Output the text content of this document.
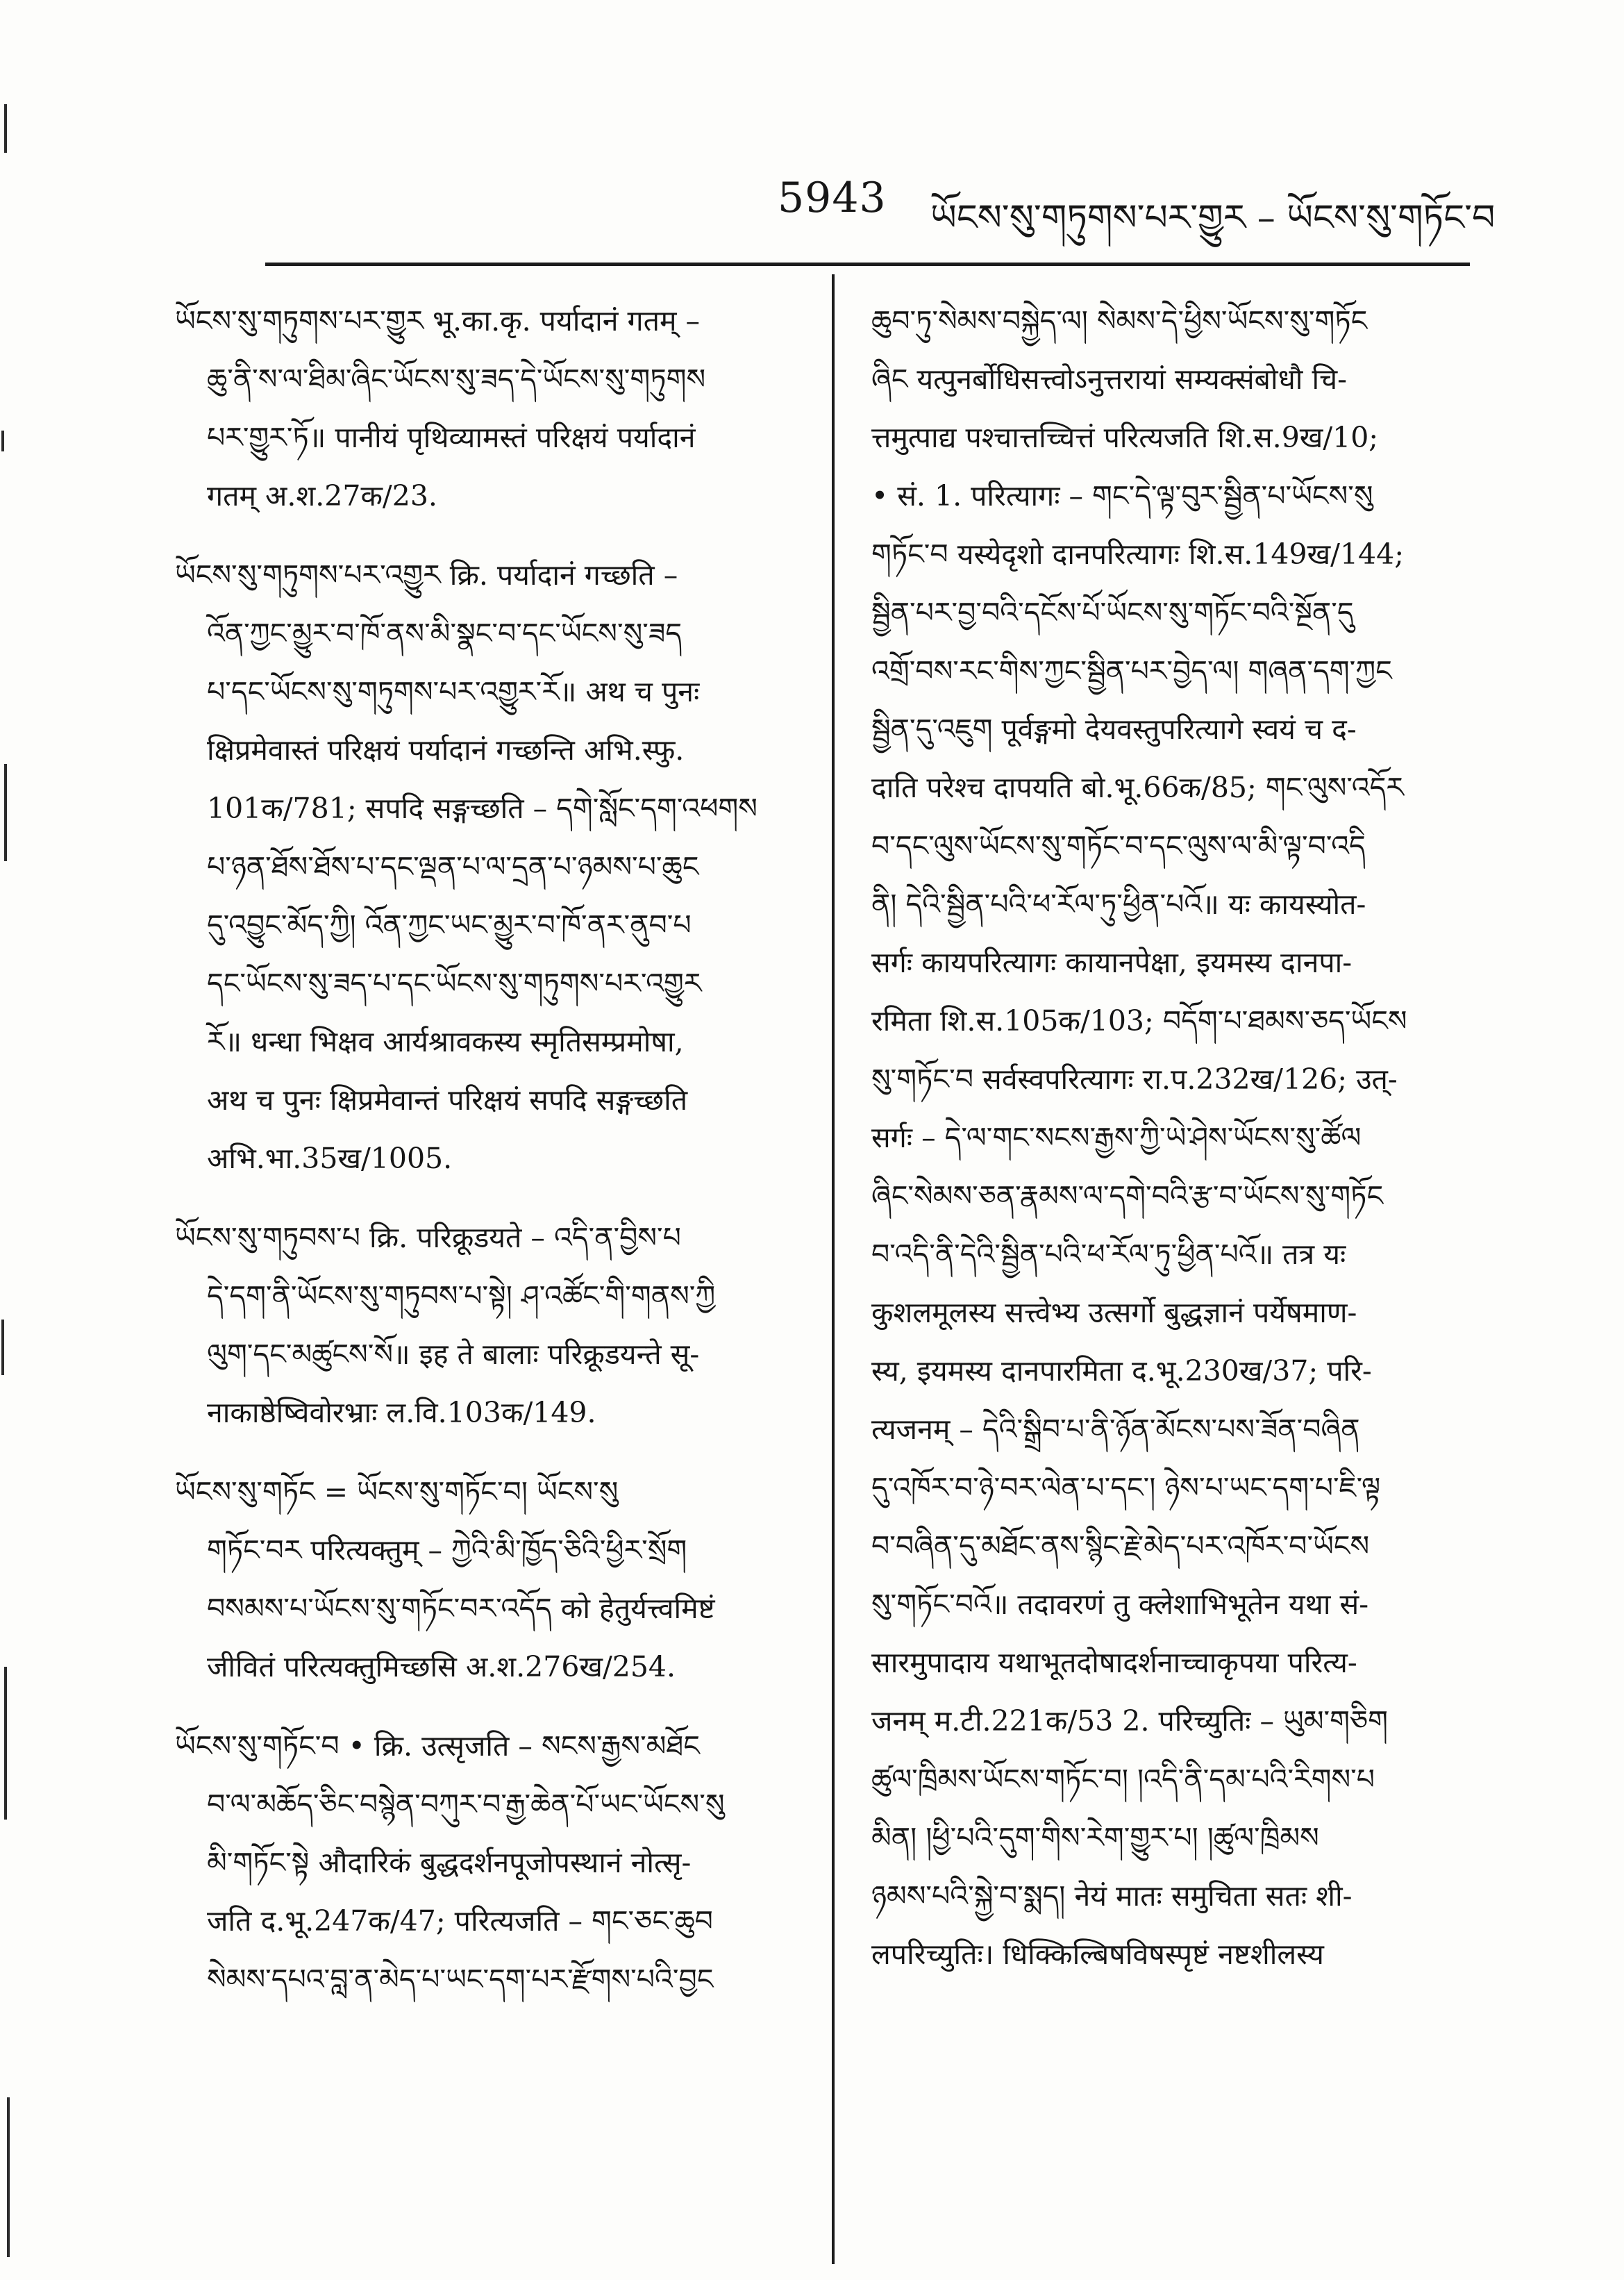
5943 ཡོངས་སུ་གཏུགས་པར་གྱུར – ཡོངས་སུ་གཏོང་བ

ཡོངས་སུ་གཏུགས་པར་གྱུར भू.का.कृ. पर्यादानं गतम् –

ཆུ་ནི་ས་ལ་ཐིམ་ཞིང་ཡོངས་སུ་ཟད་དེ་ཡོངས་སུ་གཏུགས

པར་གྱུར་ཏོ॥ पानीयं पृथिव्यामस्तं परिक्षयं पर्यादानं

गतम् अ.श.27क/23.

ཡོངས་སུ་གཏུགས་པར་འགྱུར क्रि. पर्यादानं गच्छति –

འོན་ཀྱང་མྱུར་བ་ཁོ་ནས་མི་སྣང་བ་དང་ཡོངས་སུ་ཟད

པ་དང་ཡོངས་སུ་གཏུགས་པར་འགྱུར་རོ॥ अथ च पुनः

क्षिप्रमेवास्तं परिक्षयं पर्यादानं गच्छन्ति अभि.स्फु.

101क/781; सपदि सङ्गच्छति – དགེ་སློང་དག་འཕགས

པ་ཉན་ཐོས་ཐོས་པ་དང་ལྡན་པ་ལ་དྲན་པ་ཉམས་པ་ཆུང

དུ་འབྱུང་མོད་ཀྱི། འོན་ཀྱང་ཡང་མྱུར་བ་ཁོ་ནར་ནུབ་པ

དང་ཡོངས་སུ་ཟད་པ་དང་ཡོངས་སུ་གཏུགས་པར་འགྱུར

རོ॥ धन्धा भिक्षव आर्यश्रावकस्य स्मृतिसम्प्रमोषा,

अथ च पुनः क्षिप्रमेवान्तं परिक्षयं सपदि सङ्गच्छति

अभि.भा.35ख/1005.

ཡོངས་སུ་གཏུབས་པ क्रि. परिक्रूडयते – འདི་ན་བྱིས་པ

དེ་དག་ནི་ཡོངས་སུ་གཏུབས་པ་སྟེ། ཤ་འཚོང་གི་གནས་ཀྱི

ལུག་དང་མཚུངས་སོ॥ इह ते बालाः परिक्रूडयन्ते सू-

नाकाष्ठेष्विवोरभ्राः ल.वि.103क/149.

ཡོངས་སུ་གཏོང = ཡོངས་སུ་གཏོང་བ། ཡོངས་སུ

གཏོང་བར परित्यक्तुम् – ཀྱེའི་མི་ཁྱོད་ཅིའི་ཕྱིར་སྲོག

བསམས་པ་ཡོངས་སུ་གཏོང་བར་འདོད को हेतुर्यत्त्वमिष्टं

जीवितं परित्यक्तुमिच्छसि अ.श.276ख/254.

ཡོངས་སུ་གཏོང་བ • क्रि. उत्सृजति – སངས་རྒྱས་མཐོང

བ་ལ་མཆོད་ཅིང་བསྙེན་བཀུར་བ་རྒྱ་ཆེན་པོ་ཡང་ཡོངས་སུ

མི་གཏོང་སྟེ औदारिकं बुद्धदर्शनपूजोपस्थानं नोत्सृ-

जति द.भू.247क/47; परित्यजति – གང་ཅང་ཆུབ

སེམས་དཔའ་བླ་ན་མེད་པ་ཡང་དག་པར་རྫོགས་པའི་བྱང

ཆུབ་ཏུ་སེམས་བསྐྱེད་ལ། སེམས་དེ་ཕྱིས་ཡོངས་སུ་གཏོང

ཞིང यत्पुनर्बोधिसत्त्वोऽनुत्तरायां सम्यक्संबोधौ चि-

त्तमुत्पाद्य पश्चात्तच्चित्तं परित्यजति शि.स.9ख/10;

• सं. 1. परित्यागः – གང་དེ་ལྟ་བུར་སྦྱིན་པ་ཡོངས་སུ

གཏོང་བ यस्येदृशो दानपरित्यागः शि.स.149ख/144;

སྦྱིན་པར་བྱ་བའི་དངོས་པོ་ཡོངས་སུ་གཏོང་བའི་སྔོན་དུ

འགྲོ་བས་རང་གིས་ཀྱང་སྦྱིན་པར་བྱེད་ལ། གཞན་དག་ཀྱང

སྦྱིན་དུ་འཇུག पूर्वङ्गमो देयवस्तुपरित्यागे स्वयं च द-

दाति परेश्च दापयति बो.भू.66क/85; གང་ལུས་འདོར

བ་དང་ལུས་ཡོངས་སུ་གཏོང་བ་དང་ལུས་ལ་མི་ལྟ་བ་འདི

ནི། དེའི་སྦྱིན་པའི་ཕ་རོལ་ཏུ་ཕྱིན་པའོ॥ यः कायस्योत-

सर्गः कायपरित्यागः कायानपेक्षा, इयमस्य दानपा-

रमिता शि.स.105क/103; བདོག་པ་ཐམས་ཅད་ཡོངས

སུ་གཏོང་བ सर्वस्वपरित्यागः रा.प.232ख/126; उत्-

सर्गः – དེ་ལ་གང་སངས་རྒྱས་ཀྱི་ཡེ་ཤེས་ཡོངས་སུ་ཚོལ

ཞིང་སེམས་ཅན་རྣམས་ལ་དགེ་བའི་རྩ་བ་ཡོངས་སུ་གཏོང

བ་འདི་ནི་དེའི་སྦྱིན་པའི་ཕ་རོལ་ཏུ་ཕྱིན་པའོ॥ तत्र यः

कुशलमूलस्य सत्त्वेभ्य उत्सर्गो बुद्धज्ञानं पर्येषमाण-

स्य, इयमस्य दानपारमिता द.भू.230ख/37; परि-

त्यजनम् – དེའི་སྒྲིབ་པ་ནི་ཉོན་མོངས་པས་ཟོན་བཞིན

དུ་འཁོར་བ་ཉེ་བར་ལེན་པ་དང་། ཉེས་པ་ཡང་དག་པ་ཇི་ལྟ

བ་བཞིན་དུ་མཐོང་ནས་སྙིང་རྗེ་མེད་པར་འཁོར་བ་ཡོངས

སུ་གཏོང་བའོ॥ तदावरणं तु क्लेशाभिभूतेन यथा सं-

सारमुपादाय यथाभूतदोषादर्शनाच्चाकृपया परित्य-

जनम् म.टी.221क/53 2. परिच्युतिः – ཡུམ་གཅིག

ཚུལ་ཁྲིམས་ཡོངས་གཏོང་བ། །འདི་ནི་དམ་པའི་རིགས་པ

མིན། །ཕྱི་པའི་དུག་གིས་རེག་གྱུར་པ། །ཚུལ་ཁྲིམས

ཉམས་པའི་སྐྱེ་བ་སྨད། नेयं मातः समुचिता सतः शी-

लपरिच्युतिः। धिक्किल्बिषविषस्पृष्टं नष्टशीलस्य
